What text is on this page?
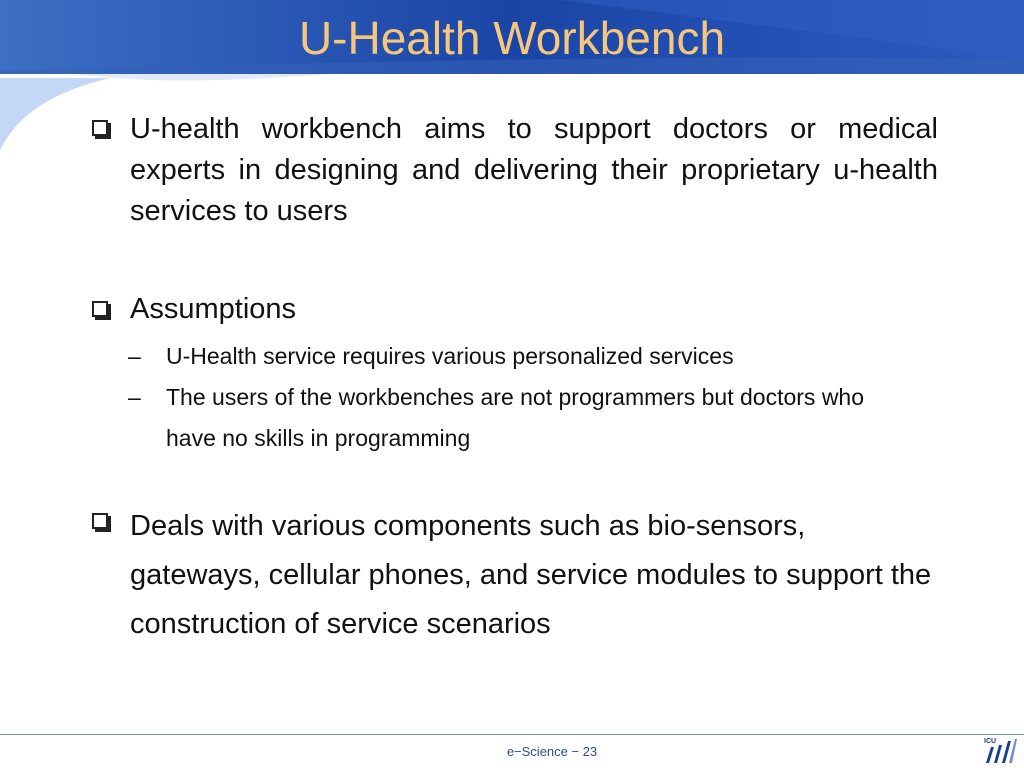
U-Health Workbench
U-health workbench aims to support doctors or medical experts in designing and delivering their proprietary u-health services to users
Assumptions
– U-Health service requires various personalized services
– The users of the workbenches are not programmers but doctors who have no skills in programming
Deals with various components such as bio-sensors, gateways, cellular phones, and service modules to support the construction of service scenarios
e−Science − 23
ICU
